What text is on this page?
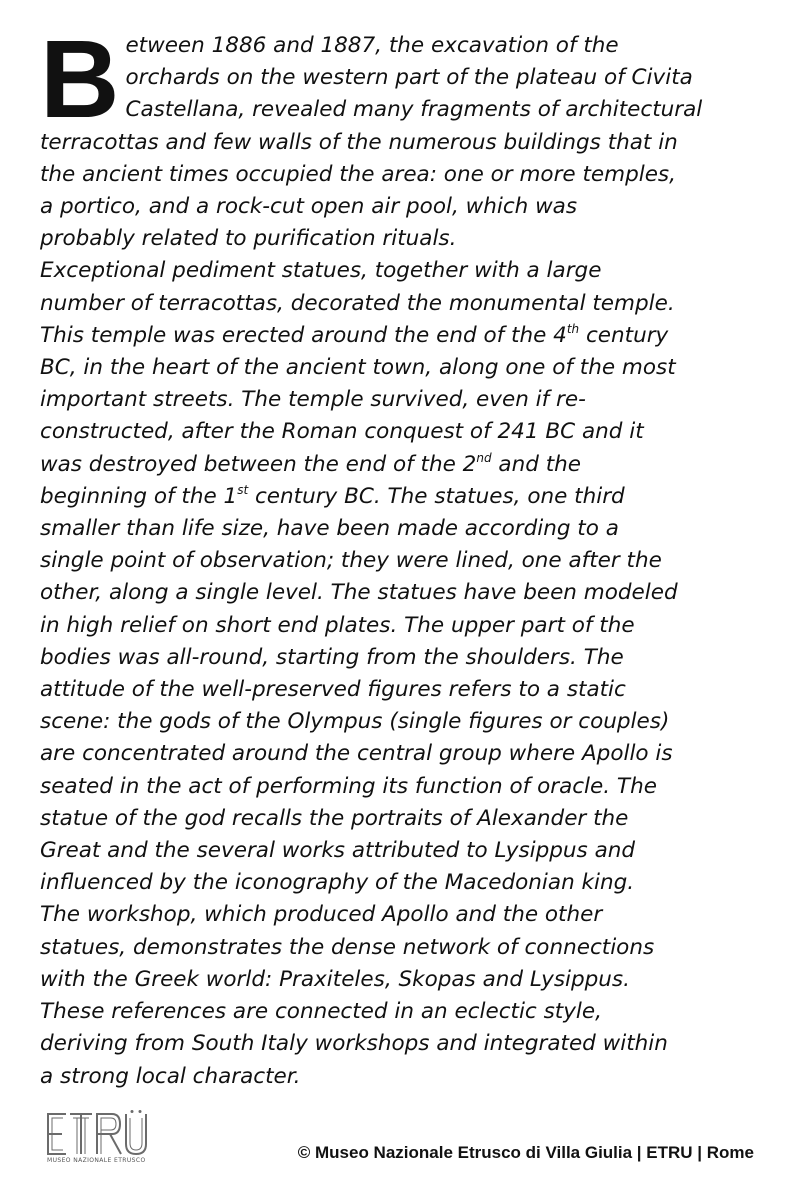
B etween 1886 and 1887, the excavation of the
orchards on the western part of the plateau of Civita
Castellana, revealed many fragments of architectural
terracottas and few walls of the numerous buildings that in
the ancient times occupied the area: one or more temples,
a portico, and a rock-cut open air pool, which was
probably related to purification rituals.
Exceptional pediment statues, together with a large
number of terracottas, decorated the monumental temple.
This temple was erected around the end of the 4th century
BC, in the heart of the ancient town, along one of the most
important streets. The temple survived, even if re-
constructed, after the Roman conquest of 241 BC and it
was destroyed between the end of the 2nd and the
beginning of the 1st century BC. The statues, one third
smaller than life size, have been made according to a
single point of observation; they were lined, one after the
other, along a single level. The statues have been modeled
in high relief on short end plates. The upper part of the
bodies was all-round, starting from the shoulders. The
attitude of the well-preserved figures refers to a static
scene: the gods of the Olympus (single figures or couples)
are concentrated around the central group where Apollo is
seated in the act of performing its function of oracle. The
statue of the god recalls the portraits of Alexander the
Great and the several works attributed to Lysippus and
influenced by the iconography of the Macedonian king.
The workshop, which produced Apollo and the other
statues, demonstrates the dense network of connections
with the Greek world: Praxiteles, Skopas and Lysippus.
These references are connected in an eclectic style,
deriving from South Italy workshops and integrated within
a strong local character.
MUSEO NAZIONALE ETRUSCO	© Museo Nazionale Etrusco di Villa Giulia | ETRU | Rome
